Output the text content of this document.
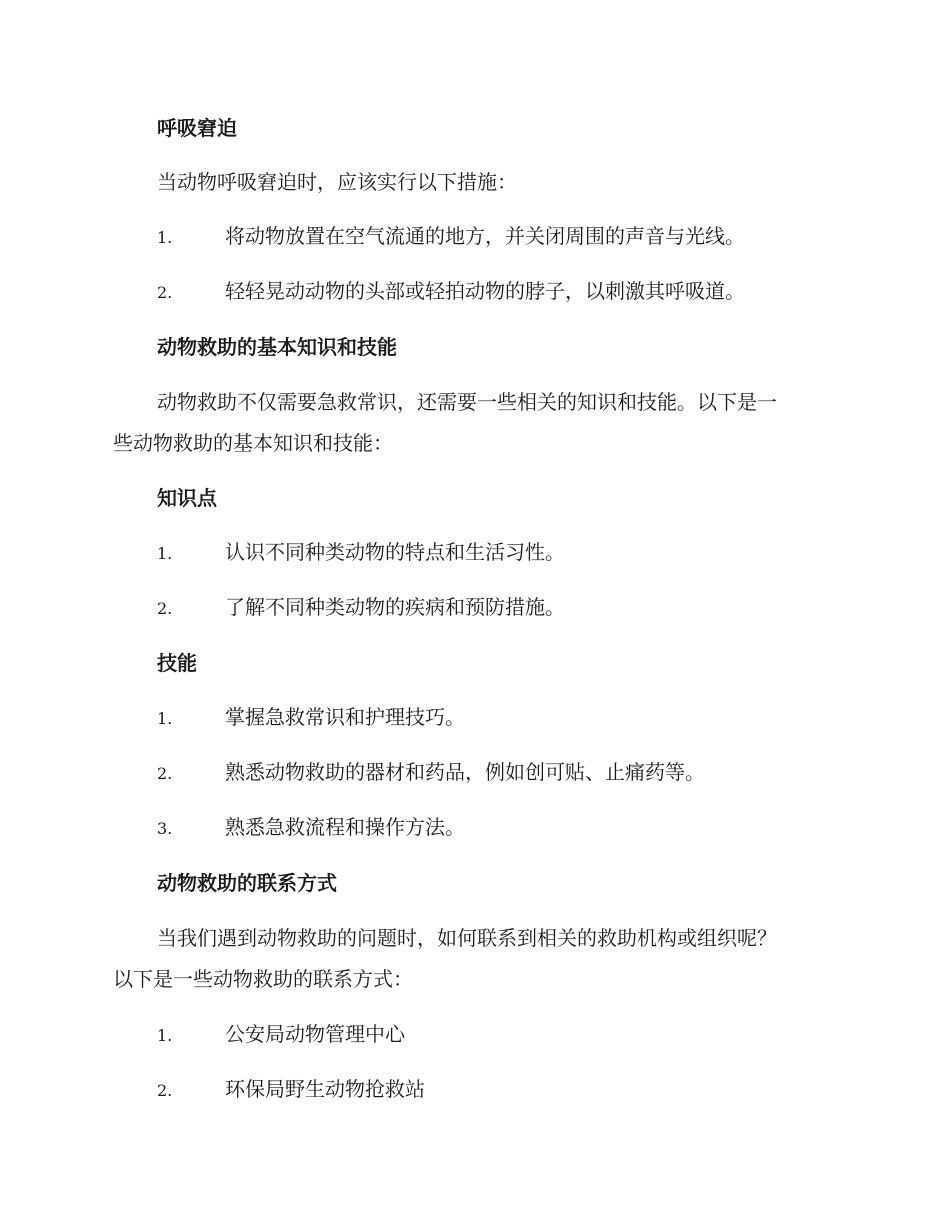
呼吸窘迫
当动物呼吸窘迫时，应该实行以下措施：
1.	将动物放置在空气流通的地方，并关闭周围的声音与光线。
2.	轻轻晃动动物的头部或轻拍动物的脖子，以刺激其呼吸道。
动物救助的基本知识和技能
动物救助不仅需要急救常识，还需要一些相关的知识和技能。以下是一
些动物救助的基本知识和技能：
知识点
1.	认识不同种类动物的特点和生活习性。
2.	了解不同种类动物的疾病和预防措施。
技能
1.	掌握急救常识和护理技巧。
2.	熟悉动物救助的器材和药品，例如创可贴、止痛药等。
3.	熟悉急救流程和操作方法。
动物救助的联系方式
当我们遇到动物救助的问题时，如何联系到相关的救助机构或组织呢？
以下是一些动物救助的联系方式：
1.	公安局动物管理中心
2.	环保局野生动物抢救站
